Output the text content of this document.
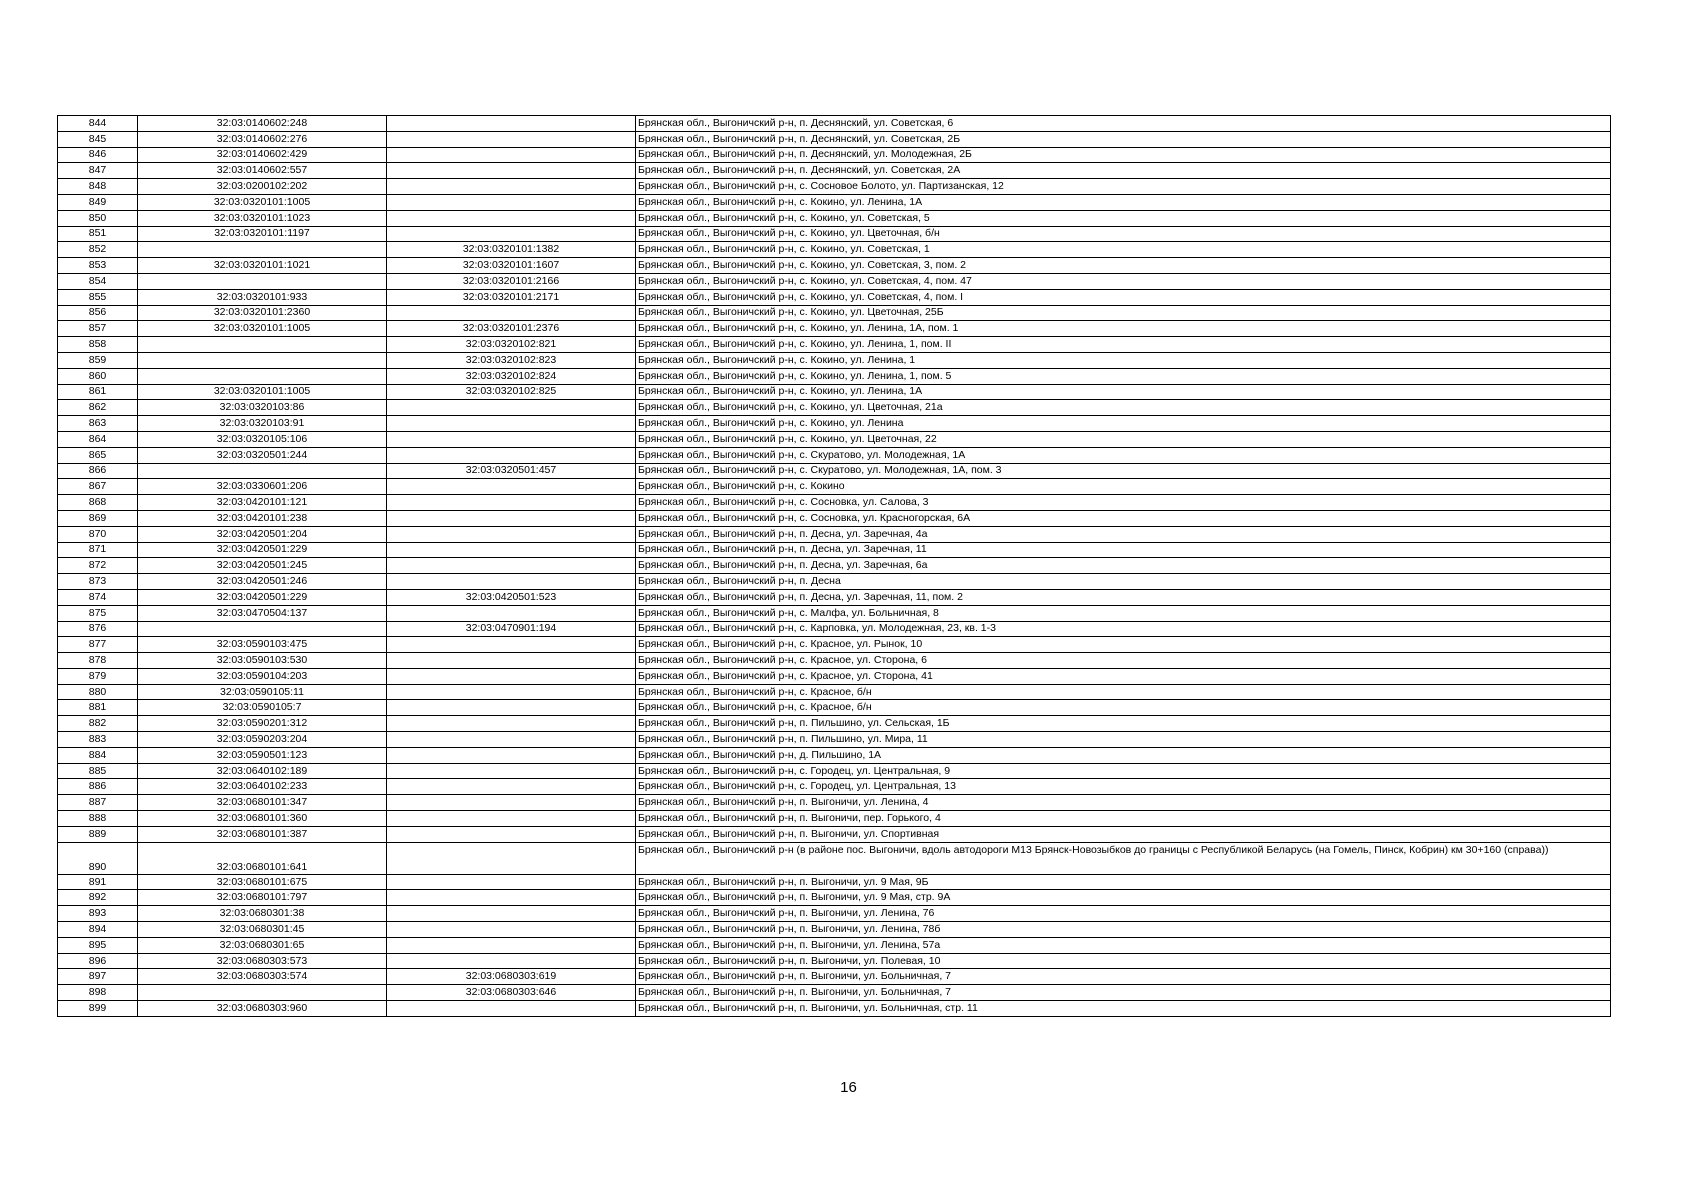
844	32:03:0140602:248		Брянская обл., Выгоничский р-н, п. Деснянский, ул. Советская, 6
845	32:03:0140602:276		Брянская обл., Выгоничский р-н, п. Деснянский, ул. Советская, 2Б
846	32:03:0140602:429		Брянская обл., Выгоничский р-н, п. Деснянский, ул. Молодежная, 2Б
847	32:03:0140602:557		Брянская обл., Выгоничский р-н, п. Деснянский, ул. Советская, 2А
848	32:03:0200102:202		Брянская обл., Выгоничский р-н, с. Сосновое Болото, ул. Партизанская, 12
849	32:03:0320101:1005		Брянская обл., Выгоничский р-н, с. Кокино, ул. Ленина, 1А
850	32:03:0320101:1023		Брянская обл., Выгоничский р-н, с. Кокино, ул. Советская, 5
851	32:03:0320101:1197		Брянская обл., Выгоничский р-н, с. Кокино, ул. Цветочная, б/н
852		32:03:0320101:1382	Брянская обл., Выгоничский р-н, с. Кокино, ул. Советская, 1
853	32:03:0320101:1021	32:03:0320101:1607	Брянская обл., Выгоничский р-н, с. Кокино, ул. Советская, 3, пом. 2
854		32:03:0320101:2166	Брянская обл., Выгоничский р-н, с. Кокино, ул. Советская, 4, пом. 47
855	32:03:0320101:933	32:03:0320101:2171	Брянская обл., Выгоничский р-н, с. Кокино, ул. Советская, 4, пом. I
856	32:03:0320101:2360		Брянская обл., Выгоничский р-н, с. Кокино, ул. Цветочная, 25Б
857	32:03:0320101:1005	32:03:0320101:2376	Брянская обл., Выгоничский р-н, с. Кокино, ул. Ленина, 1А, пом. 1
858		32:03:0320102:821	Брянская обл., Выгоничский р-н, с. Кокино, ул. Ленина, 1, пом. II
859		32:03:0320102:823	Брянская обл., Выгоничский р-н, с. Кокино, ул. Ленина, 1
860		32:03:0320102:824	Брянская обл., Выгоничский р-н, с. Кокино, ул. Ленина, 1, пом. 5
861	32:03:0320101:1005	32:03:0320102:825	Брянская обл., Выгоничский р-н, с. Кокино, ул. Ленина, 1А
862	32:03:0320103:86		Брянская обл., Выгоничский р-н, с. Кокино, ул. Цветочная, 21а
863	32:03:0320103:91		Брянская обл., Выгоничский р-н, с. Кокино, ул. Ленина
864	32:03:0320105:106		Брянская обл., Выгоничский р-н, с. Кокино, ул. Цветочная, 22
865	32:03:0320501:244		Брянская обл., Выгоничский р-н, с. Скуратово, ул. Молодежная, 1А
866		32:03:0320501:457	Брянская обл., Выгоничский р-н, с. Скуратово, ул. Молодежная, 1А, пом. 3
867	32:03:0330601:206		Брянская обл., Выгоничский р-н, с. Кокино
868	32:03:0420101:121		Брянская обл., Выгоничский р-н, с. Сосновка, ул. Салова, 3
869	32:03:0420101:238		Брянская обл., Выгоничский р-н, с. Сосновка, ул. Красногорская, 6А
870	32:03:0420501:204		Брянская обл., Выгоничский р-н, п. Десна, ул. Заречная, 4а
871	32:03:0420501:229		Брянская обл., Выгоничский р-н, п. Десна, ул. Заречная, 11
872	32:03:0420501:245		Брянская обл., Выгоничский р-н, п. Десна, ул. Заречная, 6а
873	32:03:0420501:246		Брянская обл., Выгоничский р-н, п. Десна
874	32:03:0420501:229	32:03:0420501:523	Брянская обл., Выгоничский р-н, п. Десна, ул. Заречная, 11, пом. 2
875	32:03:0470504:137		Брянская обл., Выгоничский р-н, с. Малфа, ул. Больничная, 8
876		32:03:0470901:194	Брянская обл., Выгоничский р-н, с. Карповка, ул. Молодежная, 23, кв. 1-3
877	32:03:0590103:475		Брянская обл., Выгоничский р-н, с. Красное, ул. Рынок, 10
878	32:03:0590103:530		Брянская обл., Выгоничский р-н, с. Красное, ул. Сторона, 6
879	32:03:0590104:203		Брянская обл., Выгоничский р-н, с. Красное, ул. Сторона, 41
880	32:03:0590105:11		Брянская обл., Выгоничский р-н, с. Красное, б/н
881	32:03:0590105:7		Брянская обл., Выгоничский р-н, с. Красное, б/н
882	32:03:0590201:312		Брянская обл., Выгоничский р-н, п. Пильшино, ул. Сельская, 1Б
883	32:03:0590203:204		Брянская обл., Выгоничский р-н, п. Пильшино, ул. Мира, 11
884	32:03:0590501:123		Брянская обл., Выгоничский р-н, д. Пильшино, 1А
885	32:03:0640102:189		Брянская обл., Выгоничский р-н, с. Городец, ул. Центральная, 9
886	32:03:0640102:233		Брянская обл., Выгоничский р-н, с. Городец, ул. Центральная, 13
887	32:03:0680101:347		Брянская обл., Выгоничский р-н, п. Выгоничи, ул. Ленина, 4
888	32:03:0680101:360		Брянская обл., Выгоничский р-н, п. Выгоничи, пер. Горького, 4
889	32:03:0680101:387		Брянская обл., Выгоничский р-н, п. Выгоничи, ул. Спортивная
890	32:03:0680101:641		Брянская обл., Выгоничский р-н (в районе пос. Выгоничи, вдоль автодороги М13 Брянск-Новозыбков до границы с Республикой Беларусь (на Гомель, Пинск, Кобрин) км 30+160 (справа))
891	32:03:0680101:675		Брянская обл., Выгоничский р-н, п. Выгоничи, ул. 9 Мая, 9Б
892	32:03:0680101:797		Брянская обл., Выгоничский р-н, п. Выгоничи, ул. 9 Мая, стр. 9А
893	32:03:0680301:38		Брянская обл., Выгоничский р-н, п. Выгоничи, ул. Ленина, 76
894	32:03:0680301:45		Брянская обл., Выгоничский р-н, п. Выгоничи, ул. Ленина, 78б
895	32:03:0680301:65		Брянская обл., Выгоничский р-н, п. Выгоничи, ул. Ленина, 57а
896	32:03:0680303:573		Брянская обл., Выгоничский р-н, п. Выгоничи, ул. Полевая, 10
897	32:03:0680303:574	32:03:0680303:619	Брянская обл., Выгоничский р-н, п. Выгоничи, ул. Больничная, 7
898		32:03:0680303:646	Брянская обл., Выгоничский р-н, п. Выгоничи, ул. Больничная, 7
899	32:03:0680303:960		Брянская обл., Выгоничский р-н, п. Выгоничи, ул. Больничная, стр. 11
16
